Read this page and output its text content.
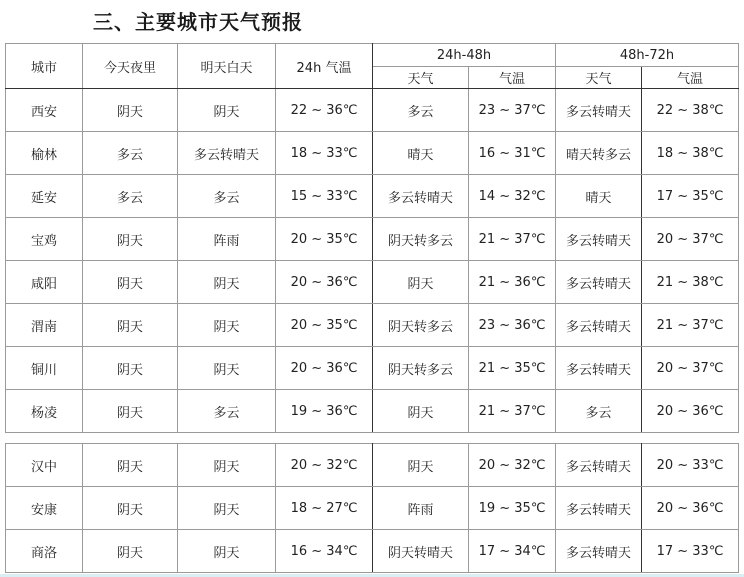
三、主要城市天气预报
城市	今天夜里	明天白天	24h 气温	24h-48h		48h-72h	
				天气	气温	天气	气温
西安	阴天	阴天	22 ~ 36℃	多云	23 ~ 37℃	多云转晴天	22 ~ 38℃
榆林	多云	多云转晴天	18 ~ 33℃	晴天	16 ~ 31℃	晴天转多云	18 ~ 38℃
延安	多云	多云	15 ~ 33℃	多云转晴天	14 ~ 32℃	晴天	17 ~ 35℃
宝鸡	阴天	阵雨	20 ~ 35℃	阴天转多云	21 ~ 37℃	多云转晴天	20 ~ 37℃
咸阳	阴天	阴天	20 ~ 36℃	阴天	21 ~ 36℃	多云转晴天	21 ~ 38℃
渭南	阴天	阴天	20 ~ 35℃	阴天转多云	23 ~ 36℃	多云转晴天	21 ~ 37℃
铜川	阴天	阴天	20 ~ 36℃	阴天转多云	21 ~ 35℃	多云转晴天	20 ~ 37℃
杨凌	阴天	多云	19 ~ 36℃	阴天	21 ~ 37℃	多云	20 ~ 36℃
汉中	阴天	阴天	20 ~ 32℃	阴天	20 ~ 32℃	多云转晴天	20 ~ 33℃
安康	阴天	阴天	18 ~ 27℃	阵雨	19 ~ 35℃	多云转晴天	20 ~ 36℃
商洛	阴天	阴天	16 ~ 34℃	阴天转晴天	17 ~ 34℃	多云转晴天	17 ~ 33℃
